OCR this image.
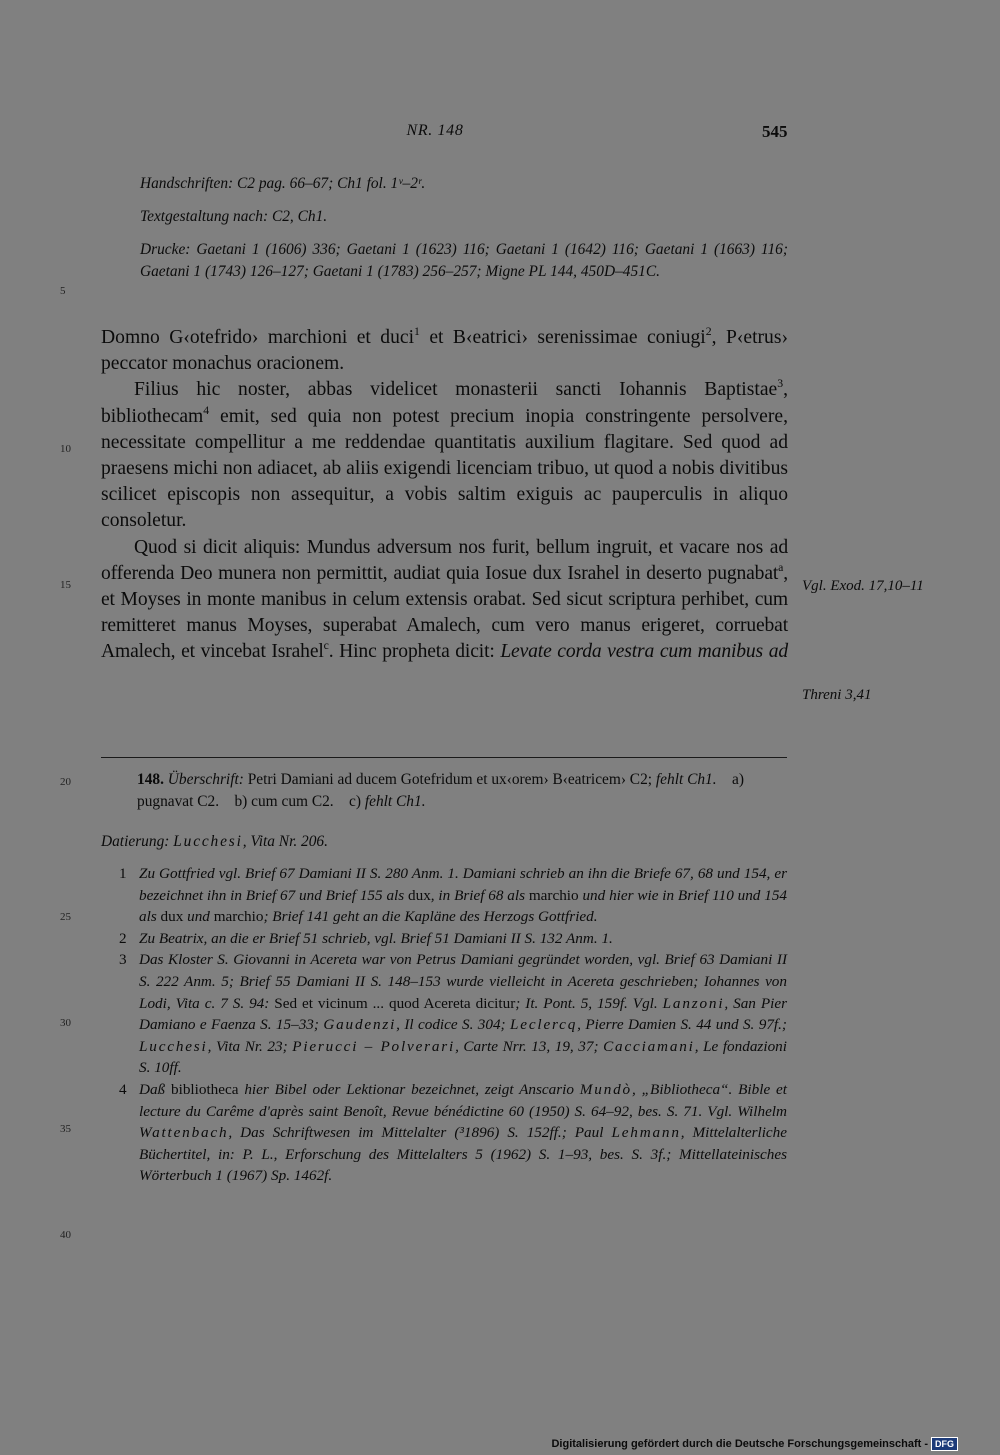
NR. 148	545
Handschriften: C2 pag. 66–67; Ch1 fol. 1ᵛ–2ʳ.
Textgestaltung nach: C2, Ch1.
Drucke: Gaetani 1 (1606) 336; Gaetani 1 (1623) 116; Gaetani 1 (1642) 116; Gaetani 1 (1663) 116; Gaetani 1 (1743) 126–127; Gaetani 1 (1783) 256–257; Migne PL 144, 450D–451C.
5
10
15
20
25
30
35
40

Domno G‹otefrido› marchioni et duci$^1$ et B‹eatrici› serenissimae coniugi$^2$, P‹etrus› peccator monachus oracionem.

Filius hic noster, abbas videlicet monasterii sancti Iohannis Baptistae$^3$, bibliothecam$^4$ emit, sed quia non potest precium inopia constringente persolvere, necessitate compellitur a me reddendae quantitatis auxilium flagitare. Sed quod ad praesens michi non adiacet, ab aliis exigendi licenciam tribuo, ut quod a nobis divitibus scilicet episcopis non assequitur, a vobis saltim exiguis ac pauperculis in aliquo consoletur.

Quod si dicit aliquis: Mundus adversum nos furit, bellum ingruit, et vacare nos ad offerenda Deo munera non permittit, audiat quia Iosue dux Israhel in deserto pugnabat$^a$, et Moyses in monte manibus in celum extensis orabat. Sed sicut scriptura perhibet, cum remitteret manus Moyses, superabat Amalech, cum vero manus erigeret, corruebat Amalech, et vincebat Israhel$^c$. Hinc propheta dicit: Levate corda vestra cum manibus ad

Vgl. Exod. 17,10–11
Threni 3,41

148. Überschrift: Petri Damiani ad ducem Gotefridum et ux‹orem› B‹eatricem› C2; fehlt Ch1. a) pugnavat C2. b) cum cum C2. c) fehlt Ch1.

Datierung: Lucchesi, Vita Nr. 206.
1 Zu Gottfried vgl. Brief 67 Damiani II S. 280 Anm. 1. Damiani schrieb an ihn die Briefe 67, 68 und 154, er bezeichnet ihn in Brief 67 und Brief 155 als dux, in Brief 68 als marchio und hier wie in Brief 110 und 154 als dux und marchio; Brief 141 geht an die Kapläne des Herzogs Gottfried.
2 Zu Beatrix, an die er Brief 51 schrieb, vgl. Brief 51 Damiani II S. 132 Anm. 1.
3 Das Kloster S. Giovanni in Acereta war von Petrus Damiani gegründet worden, vgl. Brief 63 Damiani II S. 222 Anm. 5; Brief 55 Damiani II S. 148–153 wurde vielleicht in Acereta geschrieben; Iohannes von Lodi, Vita c. 7 S. 94: Sed et vicinum ... quod Acereta dicitur; It. Pont. 5, 159f. Vgl. Lanzoni, San Pier Damiano e Faenza S. 15–33; Gaudenzi, Il codice S. 304; Leclercq, Pierre Damien S. 44 und S. 97f.; Lucchesi, Vita Nr. 23; Pierucci – Polverari, Carte Nrr. 13, 19, 37; Cacciamani, Le fondazioni S. 10ff.
4 Daß bibliotheca hier Bibel oder Lektionar bezeichnet, zeigt Anscario Mundò, „Bibliotheca“. Bible et lecture du Carême d'après saint Benoît, Revue bénédictine 60 (1950) S. 64–92, bes. S. 71. Vgl. Wilhelm Wattenbach, Das Schriftwesen im Mittelalter (³1896) S. 152ff.; Paul Lehmann, Mittelalterliche Büchertitel, in: P. L., Erforschung des Mittelalters 5 (1962) S. 1–93, bes. S. 3f.; Mittellateinisches Wörterbuch 1 (1967) Sp. 1462f.
Digitalisierung gefördert durch die Deutsche Forschungsgemeinschaft - DFG
